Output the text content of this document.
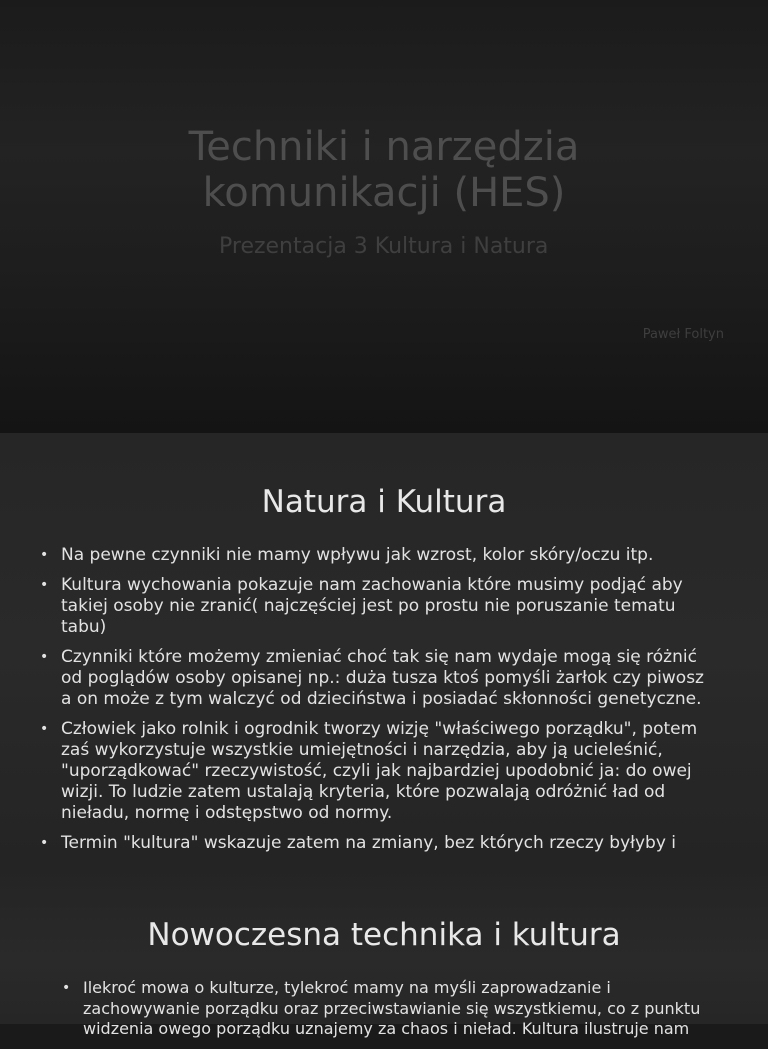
Techniki i narzędzia
komunikacji (HES)
Prezentacja 3 Kultura i Natura
Paweł Foltyn
Natura i Kultura
• Na pewne czynniki nie mamy wpływu jak wzrost, kolor skóry/oczu itp.
• Kultura wychowania pokazuje nam zachowania które musimy podjąć aby takiej osoby nie zranić( najczęściej jest po prostu nie poruszanie tematu tabu)
• Czynniki które możemy zmieniać choć tak się nam wydaje mogą się różnić od poglądów osoby opisanej np.: duża tusza ktoś pomyśli żarłok czy piwosz a on może z tym walczyć od dzieciństwa i posiadać skłonności genetyczne.
• Człowiek jako rolnik i ogrodnik tworzy wizję "właściwego porządku", potem zaś wykorzystuje wszystkie umiejętności i narzędzia, aby ją ucieleśnić, "uporządkować" rzeczywistość, czyli jak najbardziej upodobnić ja: do owej wizji. To ludzie zatem ustalają kryteria, które pozwalają odróżnić ład od nieładu, normę i odstępstwo od normy.
• Termin "kultura" wskazuje zatem na zmiany, bez których rzeczy byłyby i
Nowoczesna technika i kultura
• Ilekroć mowa o kulturze, tylekroć mamy na myśli zaprowadzanie i zachowywanie porządku oraz przeciwstawianie się wszystkiemu, co z punktu widzenia owego porządku uznajemy za chaos i nieład. Kultura ilustruje nam
